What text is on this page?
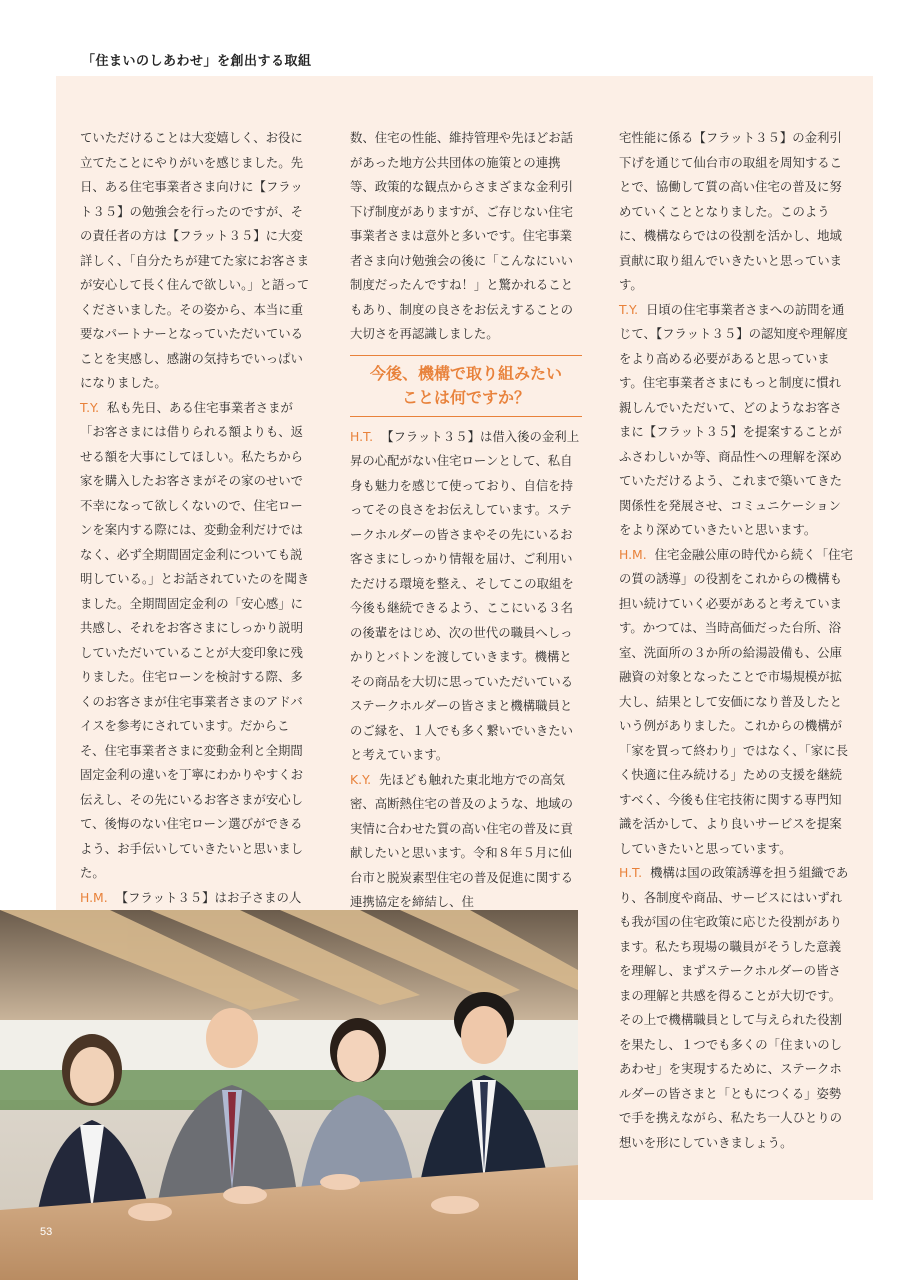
「住まいのしあわせ」を創出する取組

ていただけることは大変嬉しく、お役に立てたことにやりがいを感じました。先日、ある住宅事業者さま向けに【フラット３５】の勉強会を行ったのですが、その責任者の方は【フラット３５】に大変詳しく、「自分たちが建てた家にお客さまが安心して長く住んで欲しい。」と語ってくださいました。その姿から、本当に重要なパートナーとなっていただいていることを実感し、感謝の気持ちでいっぱいになりました。

T.Y. 私も先日、ある住宅事業者さまが「お客さまには借りられる額よりも、返せる額を大事にしてほしい。私たちから家を購入したお客さまがその家のせいで不幸になって欲しくないので、住宅ローンを案内する際には、変動金利だけではなく、必ず全期間固定金利についても説明している。」とお話されていたのを聞きました。全期間固定金利の「安心感」に共感し、それをお客さまにしっかり説明していただいていることが大変印象に残りました。住宅ローンを検討する際、多くのお客さまが住宅事業者さまのアドバイスを参考にされています。だからこそ、住宅事業者さまに変動金利と全期間固定金利の違いを丁寧にわかりやすくお伝えし、その先にいるお客さまが安心して、後悔のない住宅ローン選びができるよう、お手伝いしていきたいと思いました。

H.M. 【フラット３５】はお子さまの人

数、住宅の性能、維持管理や先ほどお話があった地方公共団体の施策との連携等、政策的な観点からさまざまな金利引下げ制度がありますが、ご存じない住宅事業者さまは意外と多いです。住宅事業者さま向け勉強会の後に「こんなにいい制度だったんですね！」と驚かれることもあり、制度の良さをお伝えすることの大切さを再認識しました。

今後、機構で取り組みたい
ことは何ですか？

H.T. 【フラット３５】は借入後の金利上昇の心配がない住宅ローンとして、私自身も魅力を感じて使っており、自信を持ってその良さをお伝えしています。ステークホルダーの皆さまやその先にいるお客さまにしっかり情報を届け、ご利用いただける環境を整え、そしてこの取組を今後も継続できるよう、ここにいる３名の後輩をはじめ、次の世代の職員へしっかりとバトンを渡していきます。機構とその商品を大切に思っていただいているステークホルダーの皆さまと機構職員とのご縁を、１人でも多く繋いでいきたいと考えています。

K.Y. 先ほども触れた東北地方での高気密、高断熱住宅の普及のような、地域の実情に合わせた質の高い住宅の普及に貢献したいと思います。令和８年５月に仙台市と脱炭素型住宅の普及促進に関する連携協定を締結し、住

宅性能に係る【フラット３５】の金利引下げを通じて仙台市の取組を周知することで、協働して質の高い住宅の普及に努めていくこととなりました。このように、機構ならではの役割を活かし、地域貢献に取り組んでいきたいと思っています。

T.Y. 日頃の住宅事業者さまへの訪問を通じて、【フラット３５】の認知度や理解度をより高める必要があると思っています。住宅事業者さまにもっと制度に慣れ親しんでいただいて、どのようなお客さまに【フラット３５】を提案することがふさわしいか等、商品性への理解を深めていただけるよう、これまで築いてきた関係性を発展させ、コミュニケーションをより深めていきたいと思います。

H.M. 住宅金融公庫の時代から続く「住宅の質の誘導」の役割をこれからの機構も担い続けていく必要があると考えています。かつては、当時高価だった台所、浴室、洗面所の３か所の給湯設備も、公庫融資の対象となったことで市場規模が拡大し、結果として安価になり普及したという例がありました。これからの機構が「家を買って終わり」ではなく、「家に長く快適に住み続ける」ための支援を継続すべく、今後も住宅技術に関する専門知識を活かして、より良いサービスを提案していきたいと思っています。

H.T. 機構は国の政策誘導を担う組織であり、各制度や商品、サービスにはいずれも我が国の住宅政策に応じた役割があります。私たち現場の職員がそうした意義を理解し、まずステークホルダーの皆さまの理解と共感を得ることが大切です。その上で機構職員として与えられた役割を果たし、１つでも多くの「住まいのしあわせ」を実現するために、ステークホルダーの皆さまと「ともにつくる」姿勢で手を携えながら、私たち一人ひとりの想いを形にしていきましょう。

53
